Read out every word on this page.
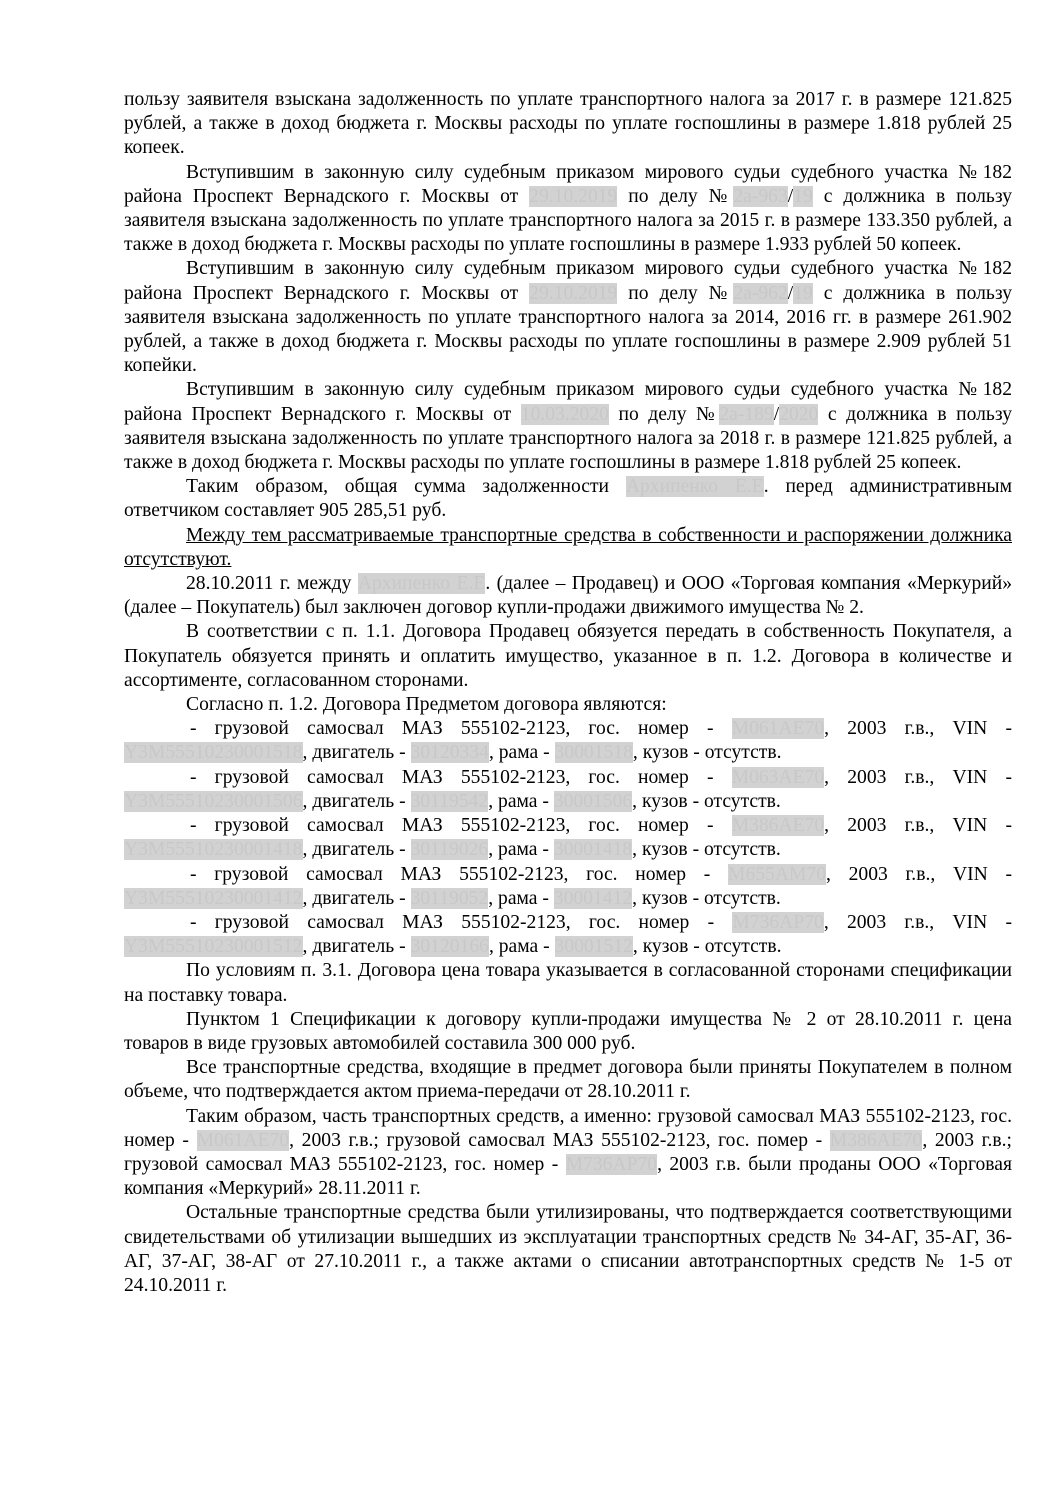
пользу заявителя взыскана задолженность по уплате транспортного налога за 2017 г. в размере 121.825 рублей, а также в доход бюджета г. Москвы расходы по уплате госпошлины в размере 1.818 рублей 25 копеек.

Вступившим в законную силу судебным приказом мирового судьи судебного участка №182 района Проспект Вернадского г. Москвы от 29.10.2019 по делу №2а-963/19 с должника в пользу заявителя взыскана задолженность по уплате транспортного налога за 2015 г. в размере 133.350 рублей, а также в доход бюджета г. Москвы расходы по уплате госпошлины в размере 1.933 рублей 50 копеек.

Вступившим в законную силу судебным приказом мирового судьи судебного участка №182 района Проспект Вернадского г. Москвы от 29.10.2019 по делу №2а-962/19 с должника в пользу заявителя взыскана задолженность по уплате транспортного налога за 2014, 2016 гг. в размере 261.902 рублей, а также в доход бюджета г. Москвы расходы по уплате госпошлины в размере 2.909 рублей 51 копейки.

Вступившим в законную силу судебным приказом мирового судьи судебного участка №182 района Проспект Вернадского г. Москвы от 10.03.2020 по делу №2а-189/2020 с должника в пользу заявителя взыскана задолженность по уплате транспортного налога за 2018 г. в размере 121.825 рублей, а также в доход бюджета г. Москвы расходы по уплате госпошлины в размере 1.818 рублей 25 копеек.

Таким образом, общая сумма задолженности Архипенко Е.Е. перед административным ответчиком составляет 905 285,51 руб.

Между тем рассматриваемые транспортные средства в собственности и распоряжении должника отсутствуют.

28.10.2011 г. между Архипенко Е.Е. (далее – Продавец) и ООО «Торговая компания «Меркурий» (далее – Покупатель) был заключен договор купли-продажи движимого имущества № 2.

В соответствии с п. 1.1. Договора Продавец обязуется передать в собственность Покупателя, а Покупатель обязуется принять и оплатить имущество, указанное в п. 1.2. Договора в количестве и ассортименте, согласованном сторонами.

Согласно п. 1.2. Договора Предметом договора являются:

- грузовой самосвал МАЗ 555102-2123, гос. номер - М061АЕ70, 2003 г.в., VIN - Y3M55510230001518, двигатель - 30120334, рама - 30001518, кузов - отсутств.

- грузовой самосвал МАЗ 555102-2123, гос. номер - М063АЕ70, 2003 г.в., VIN - Y3M55510230001506, двигатель - 30119542, рама - 30001506, кузов - отсутств.

- грузовой самосвал МАЗ 555102-2123, гос. номер - М386АЕ70, 2003 г.в., VIN - Y3M55510230001418, двигатель - 30119026, рама - 30001418, кузов - отсутств.

- грузовой самосвал МАЗ 555102-2123, гос. номер - М655АМ70, 2003 г.в., VIN - Y3M55510230001412, двигатель - 30119052, рама - 30001412, кузов - отсутств.

- грузовой самосвал МАЗ 555102-2123, гос. номер - М736АР70, 2003 г.в., VIN - Y3M55510230001512, двигатель - 30120166, рама - 30001512, кузов - отсутств.

По условиям п. 3.1. Договора цена товара указывается в согласованной сторонами спецификации на поставку товара.

Пунктом 1 Спецификации к договору купли-продажи имущества № 2 от 28.10.2011 г. цена товаров в виде грузовых автомобилей составила 300 000 руб.

Все транспортные средства, входящие в предмет договора были приняты Покупателем в полном объеме, что подтверждается актом приема-передачи от 28.10.2011 г.

Таким образом, часть транспортных средств, а именно: грузовой самосвал МАЗ 555102-2123, гос. номер - М061АЕ70, 2003 г.в.; грузовой самосвал МАЗ 555102-2123, гос. помер - М386АЕ70, 2003 г.в.; грузовой самосвал МАЗ 555102-2123, гос. номер - М736АР70, 2003 г.в. были проданы ООО «Торговая компания «Меркурий» 28.11.2011 г.

Остальные транспортные средства были утилизированы, что подтверждается соответствующими свидетельствами об утилизации вышедших из эксплуатации транспортных средств № 34-АГ, 35-АГ, 36-АГ, 37-АГ, 38-АГ от 27.10.2011 г., а также актами о списании автотранспортных средств № 1-5 от 24.10.2011 г.
